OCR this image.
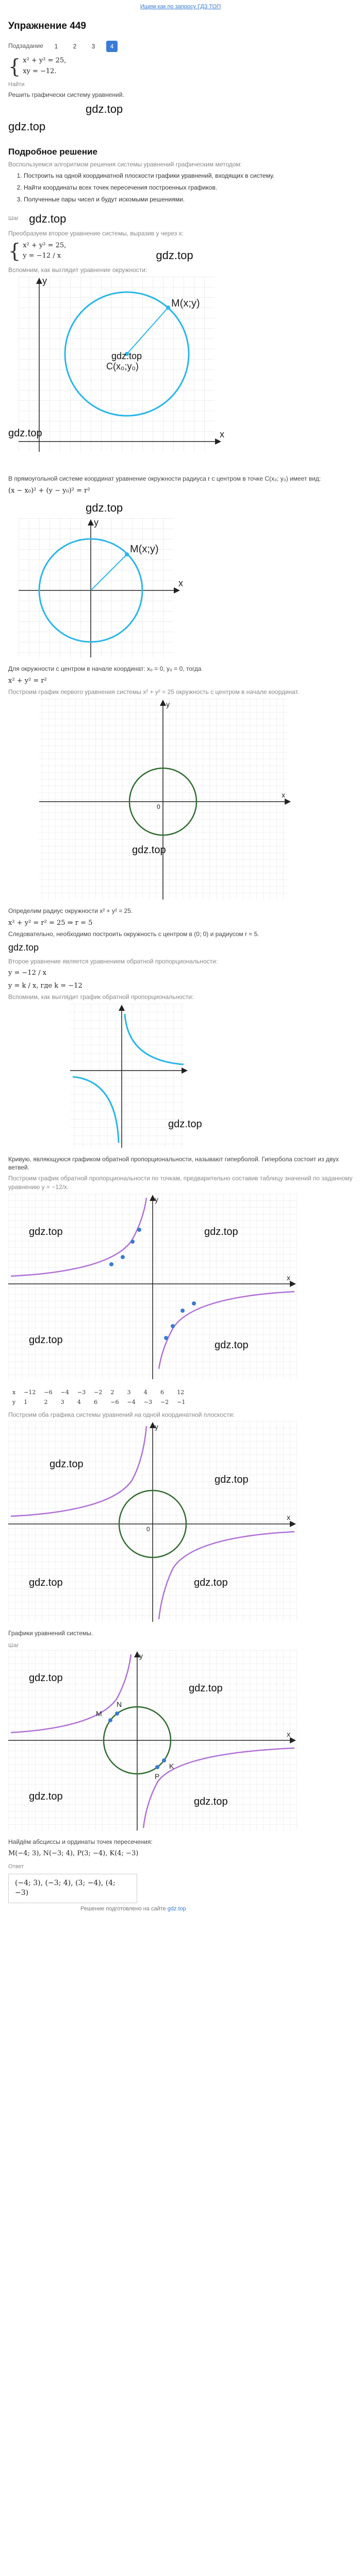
Ищем как по запросу ГДЗ ТОП
Упражнение 449
Подзадание	1	2	3	4
{ x² + y² = 25,
xy = −12.
Найти

Решить графически систему уравнений.

gdz.top
gdz.top
Подробное решение

Воспользуемся алгоритмом решения системы уравнений графическим методом:

1. Построить на одной координатной плоскости графики уравнений, входящих в систему.
2. Найти координаты всех точек пересечения построенных графиков.
3. Полученные пары чисел и будут искомыми решениями.
Шаг gdz.top

Преобразуем второе уравнение системы, выразив у через х:

{ x² + y² = 25,
y = −12 / x	gdz.top

Вспомним, как выглядит уравнение окружности:

M(x;y)
C(x₀;y₀)
x
y
gdz.top
gdz.top

В прямоугольной системе координат уравнение окружности радиуса r с центром в точке C(x₀; y₀) имеет вид:

(x − x₀)² + (y − y₀)² = r²

gdz.top
M(x;y)
x
y

Для окружности с центром в начале координат: x₀ = 0, y₀ = 0, тогда

x² + y² = r²

Построим график первого уравнения системы x² + y² = 25 окружность с центром в начале координат.

y
x
0
gdz.top

Определим радиус окружности x² + y² = 25.

x² + y² = r² = 25 ⇒ r = 5

Следовательно, необходимо построить окружность с центром в (0; 0) и радиусом r = 5.

gdz.top

Второе уравнение является уравнением обратной пропорциональности:

y = −12 / x

y = k / x, где k = −12

Вспомним, как выглядит график обратной пропорциональности:

gdz.top

Кривую, являющуюся графиком обратной пропорциональности, называют гиперболой. Гипербола состоит из двух ветвей.

Построим график обратной пропорциональности по точкам, предварительно составив таблицу значений по заданному уравнению y = −12/x.

y
x
gdz.top	gdz.top
gdz.top	gdz.top
x	−12	−6	−4	−3	−2	2	3	4	6	12
y	1	2	3	4	6	−6	−4	−3	−2	−1

Построим оба графика системы уравнений на одной координатной плоскости:

y
x
0
gdz.top
gdz.top
gdz.top	gdz.top

Графики уравнений системы.

Шаг
M
N
P
K
y
x
gdz.top
gdz.top
gdz.top	gdz.top

Найдём абсциссы и ординаты точек пересечения:

M(−4; 3), N(−3; 4), P(3; −4), K(4; −3)

Ответ
(−4; 3), (−3; 4), (3; −4), (4; −3)
Решение подготовлено на сайте gdz.top
